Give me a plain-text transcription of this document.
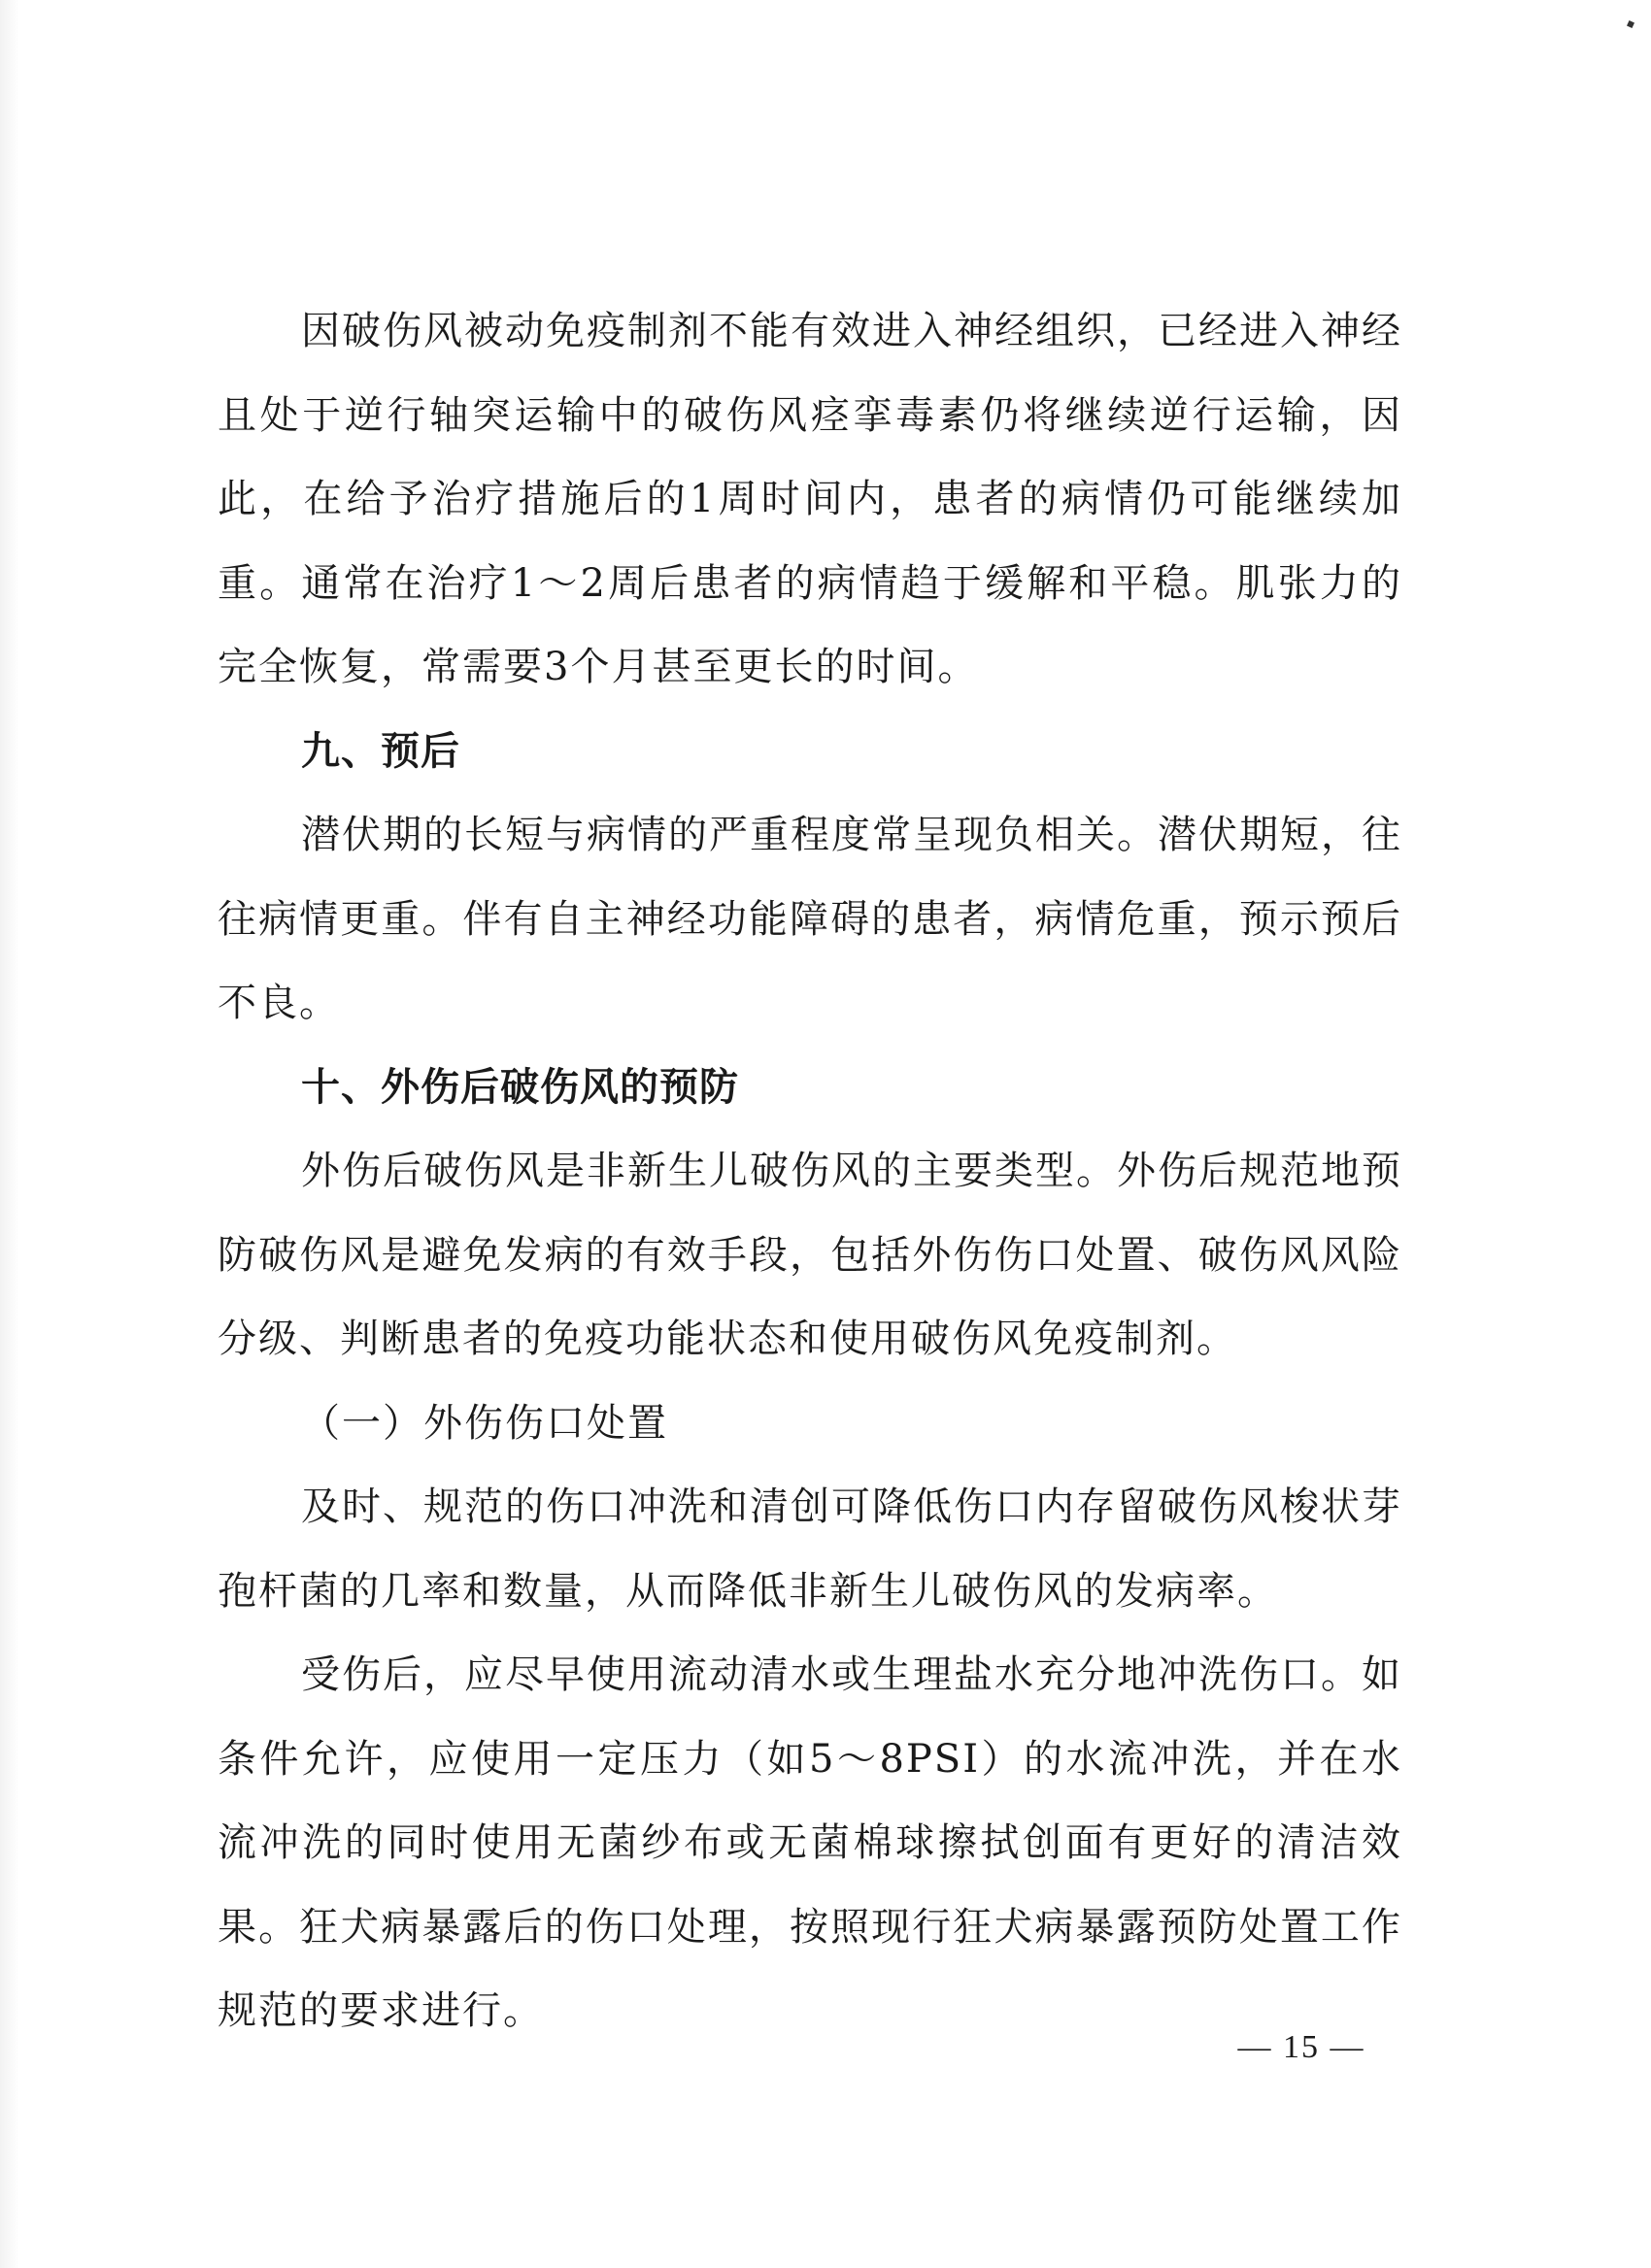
因破伤风被动免疫制剂不能有效进入神经组织，已经进入神经且处于逆行轴突运输中的破伤风痉挛毒素仍将继续逆行运输，因此，在给予治疗措施后的1周时间内，患者的病情仍可能继续加重。通常在治疗1～2周后患者的病情趋于缓解和平稳。肌张力的完全恢复，常需要3个月甚至更长的时间。

九、预后

潜伏期的长短与病情的严重程度常呈现负相关。潜伏期短，往往病情更重。伴有自主神经功能障碍的患者，病情危重，预示预后不良。

十、外伤后破伤风的预防

外伤后破伤风是非新生儿破伤风的主要类型。外伤后规范地预防破伤风是避免发病的有效手段，包括外伤伤口处置、破伤风风险分级、判断患者的免疫功能状态和使用破伤风免疫制剂。

（一）外伤伤口处置

及时、规范的伤口冲洗和清创可降低伤口内存留破伤风梭状芽孢杆菌的几率和数量，从而降低非新生儿破伤风的发病率。

受伤后，应尽早使用流动清水或生理盐水充分地冲洗伤口。如条件允许，应使用一定压力（如5～8PSI）的水流冲洗，并在水流冲洗的同时使用无菌纱布或无菌棉球擦拭创面有更好的清洁效果。狂犬病暴露后的伤口处理，按照现行狂犬病暴露预防处置工作规范的要求进行。

— 15 —
